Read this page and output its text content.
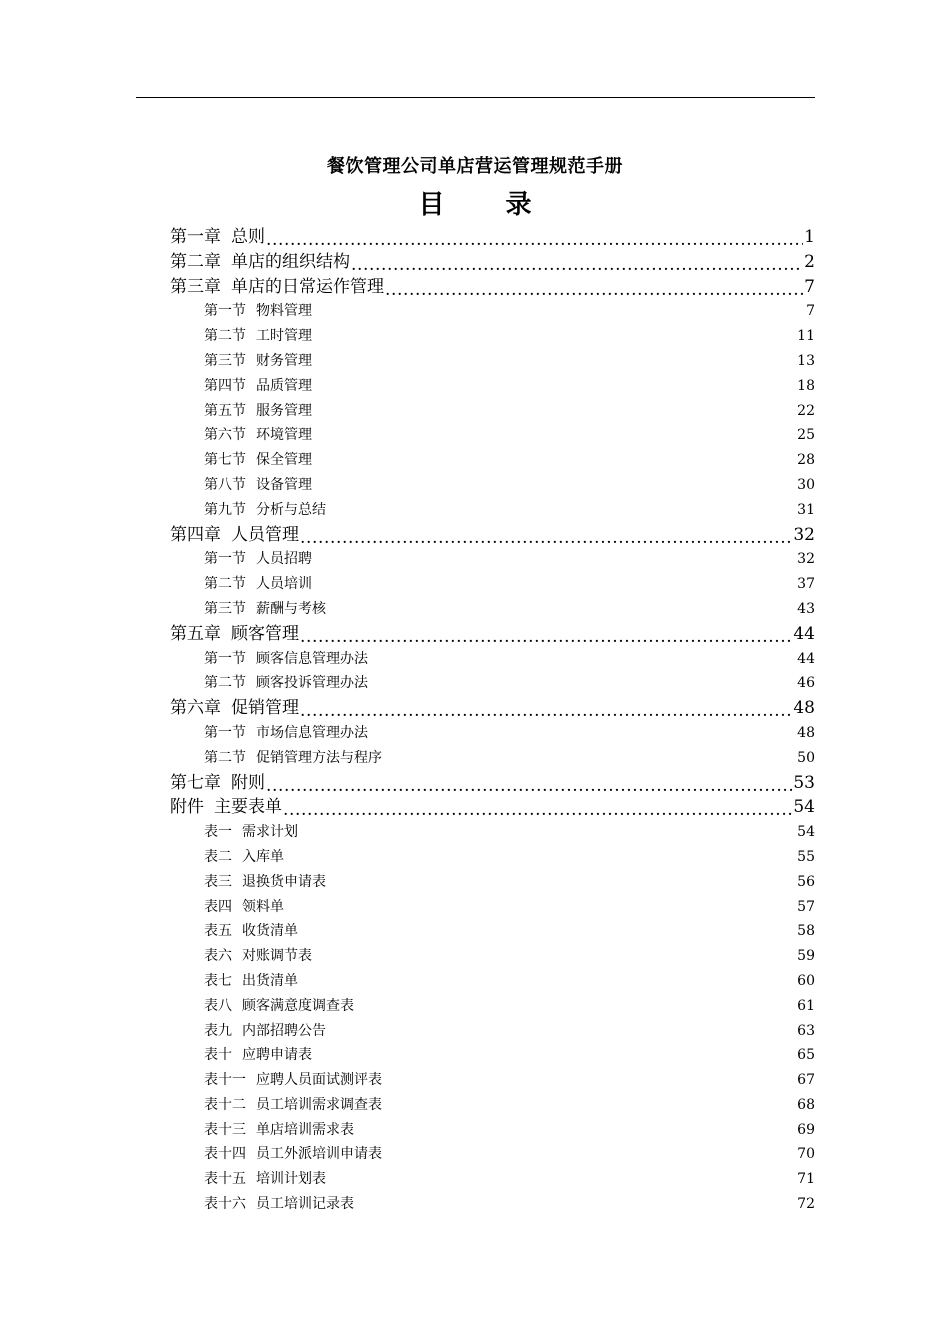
餐饮管理公司单店营运管理规范手册
目 录
第一章 总则 .....	1
第二章 单店的组织结构 .....	2
第三章 单店的日常运作管理 .....	7
第一节 物料管理 .....	7
第二节 工时管理 .....	11
第三节 财务管理 .....	13
第四节 品质管理 .....	18
第五节 服务管理 .....	22
第六节 环境管理 .....	25
第七节 保全管理 .....	28
第八节 设备管理 .....	30
第九节 分析与总结 .....	31
第四章 人员管理 .....	32
第一节 人员招聘 .....	32
第二节 人员培训 .....	37
第三节 薪酬与考核 .....	43
第五章 顾客管理 .....	44
第一节 顾客信息管理办法 .....	44
第二节 顾客投诉管理办法 .....	46
第六章 促销管理 .....	48
第一节 市场信息管理办法 .....	48
第二节 促销管理方法与程序 .....	50
第七章 附则 .....	53
附件 主要表单 .....	54
表一 需求计划 .....	54
表二 入库单 .....	55
表三 退换货申请表 .....	56
表四 领料单 .....	57
表五 收货清单 .....	58
表六 对账调节表 .....	59
表七 出货清单 .....	60
表八 顾客满意度调查表 .....	61
表九 内部招聘公告 .....	63
表十 应聘申请表 .....	65
表十一 应聘人员面试测评表 .....	67
表十二 员工培训需求调查表 .....	68
表十三 单店培训需求表 .....	69
表十四 员工外派培训申请表 .....	70
表十五 培训计划表 .....	71
表十六 员工培训记录表 .....	72
